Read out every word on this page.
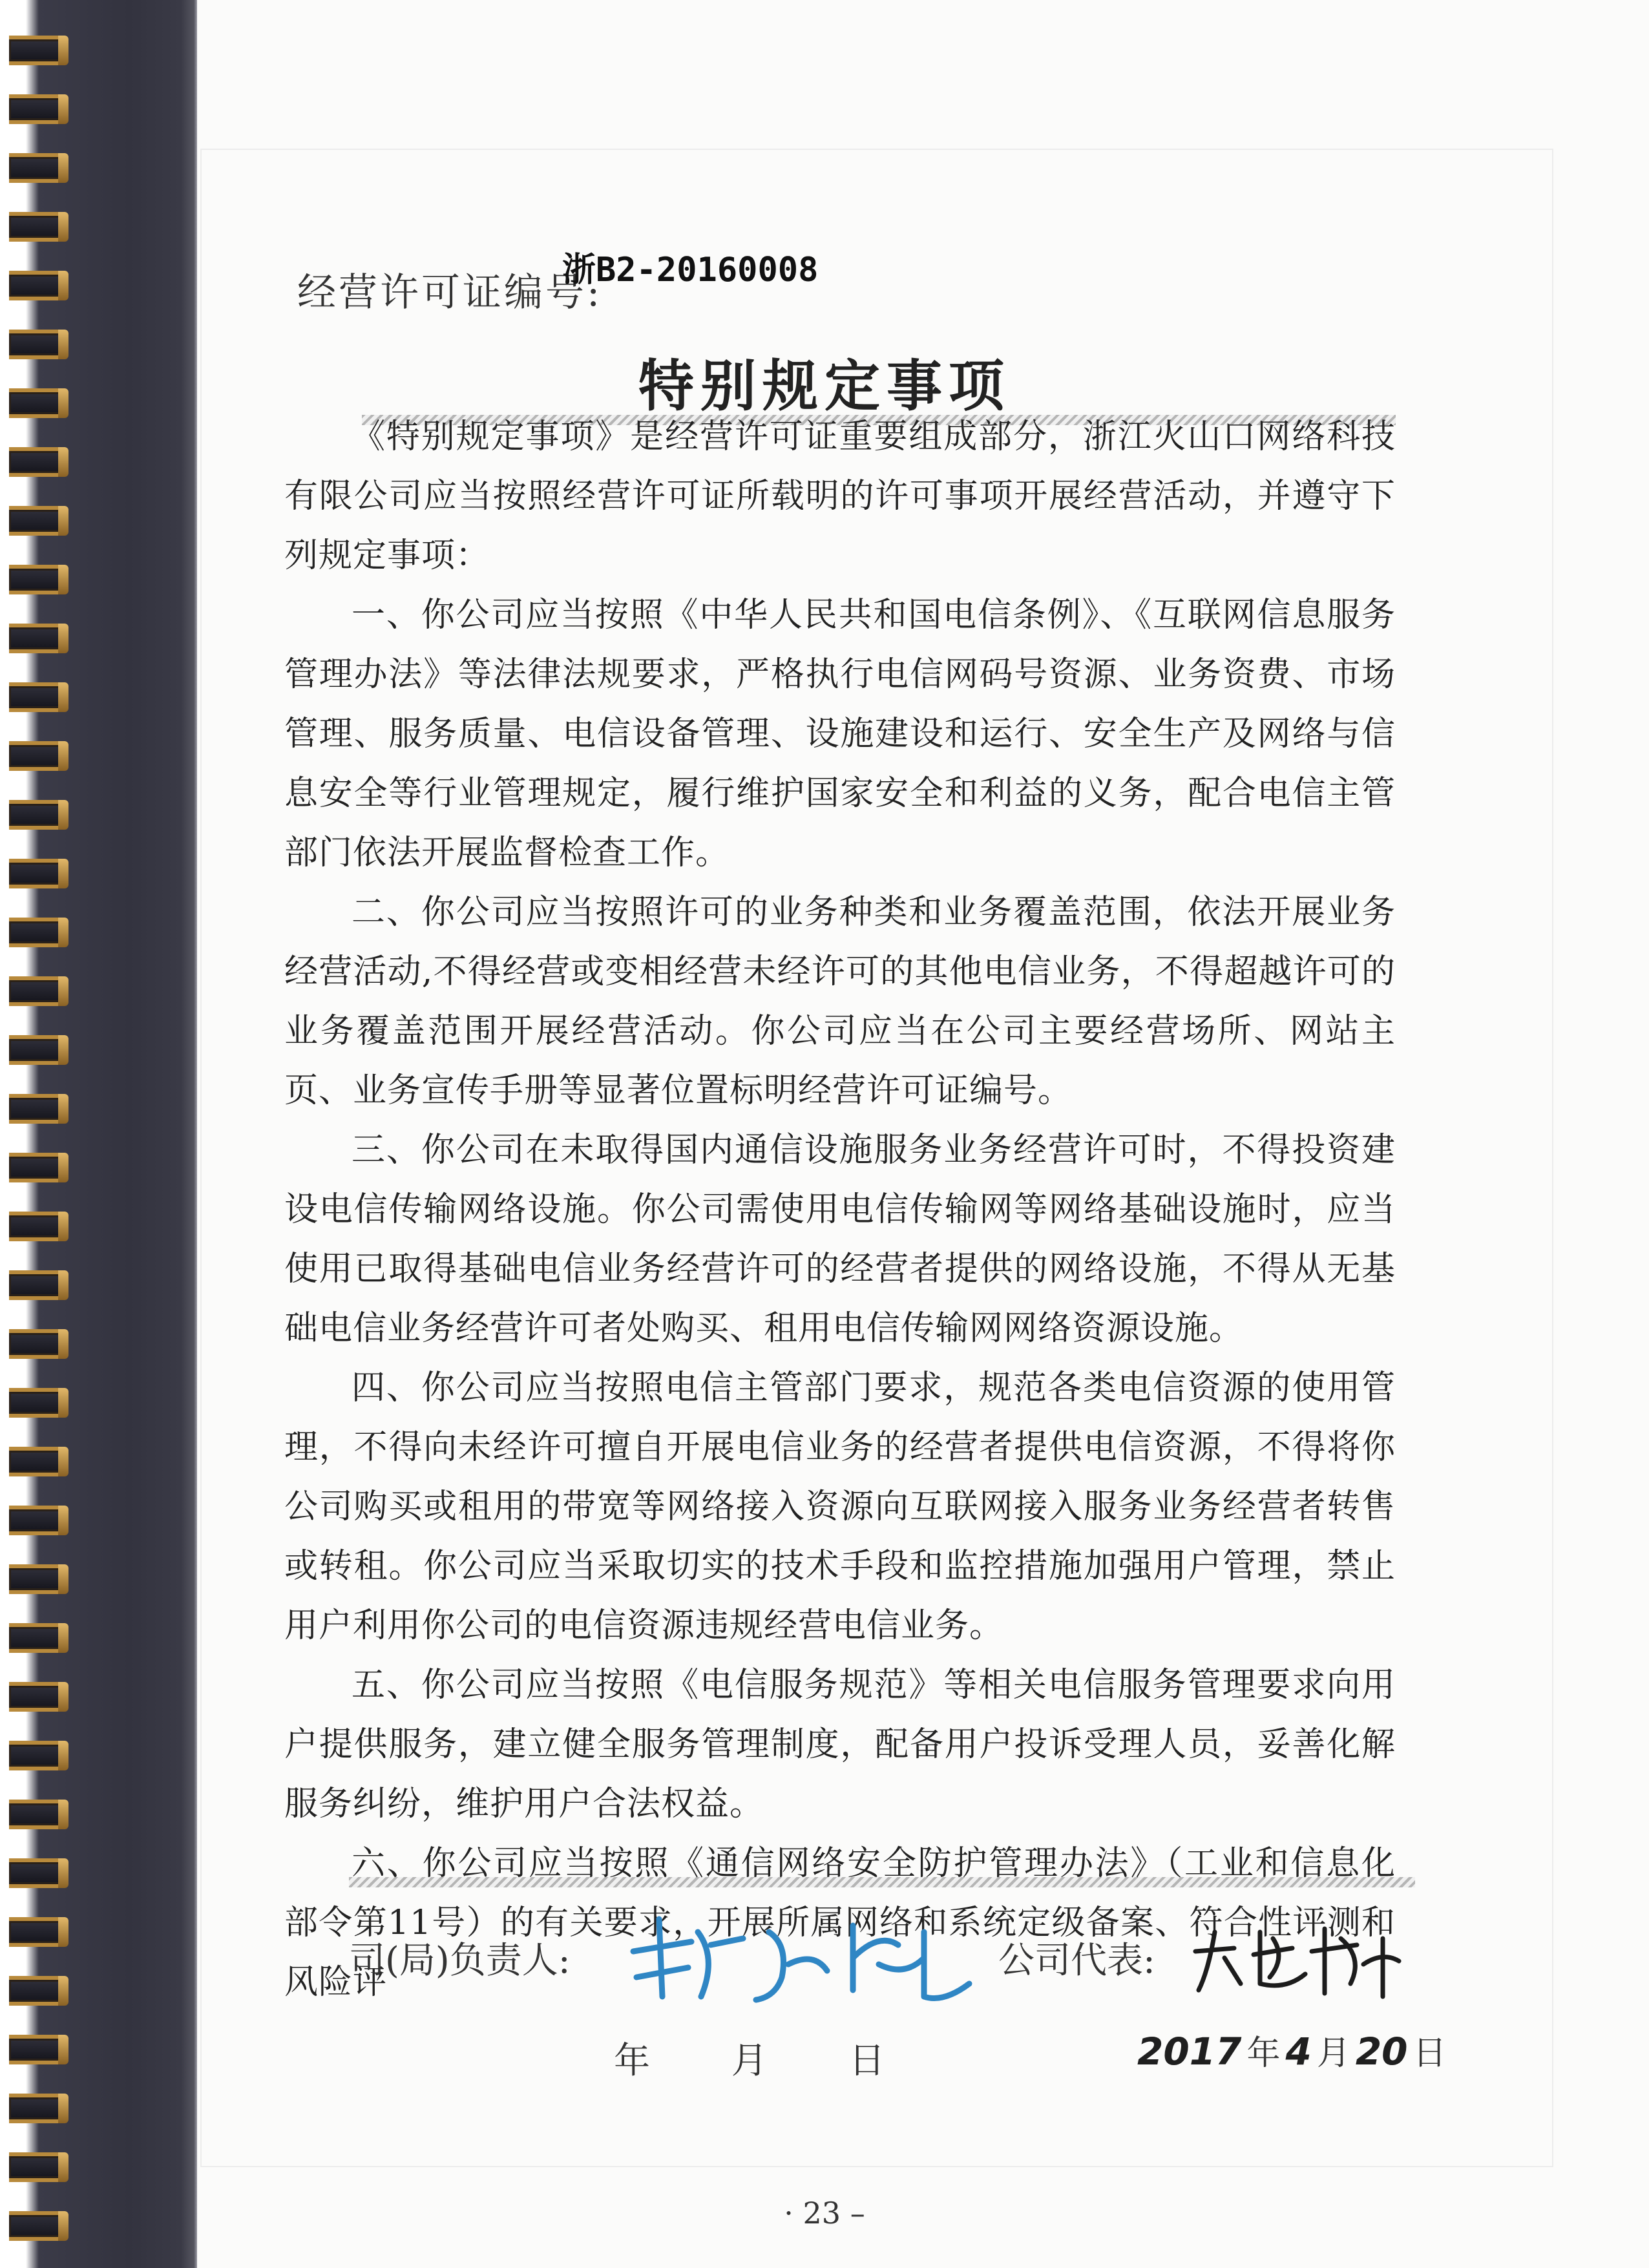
经营许可证编号:
浙B2-20160008
特别规定事项

《特别规定事项》是经营许可证重要组成部分，浙江火山口网络科技有限公司应当按照经营许可证所载明的许可事项开展经营活动，并遵守下列规定事项：

一、你公司应当按照《中华人民共和国电信条例》、《互联网信息服务管理办法》等法律法规要求，严格执行电信网码号资源、业务资费、市场管理、服务质量、电信设备管理、设施建设和运行、安全生产及网络与信息安全等行业管理规定，履行维护国家安全和利益的义务，配合电信主管部门依法开展监督检查工作。

二、你公司应当按照许可的业务种类和业务覆盖范围，依法开展业务经营活动,不得经营或变相经营未经许可的其他电信业务，不得超越许可的业务覆盖范围开展经营活动。你公司应当在公司主要经营场所、网站主页、业务宣传手册等显著位置标明经营许可证编号。

三、你公司在未取得国内通信设施服务业务经营许可时，不得投资建设电信传输网络设施。你公司需使用电信传输网等网络基础设施时，应当使用已取得基础电信业务经营许可的经营者提供的网络设施，不得从无基础电信业务经营许可者处购买、租用电信传输网网络资源设施。

四、你公司应当按照电信主管部门要求，规范各类电信资源的使用管理，不得向未经许可擅自开展电信业务的经营者提供电信资源，不得将你公司购买或租用的带宽等网络接入资源向互联网接入服务业务经营者转售或转租。你公司应当采取切实的技术手段和监控措施加强用户管理，禁止用户利用你公司的电信资源违规经营电信业务。

五、你公司应当按照《电信服务规范》等相关电信服务管理要求向用户提供服务，建立健全服务管理制度，配备用户投诉受理人员，妥善化解服务纠纷，维护用户合法权益。

六、你公司应当按照《通信网络安全防护管理办法》（工业和信息化部令第11号）的有关要求，开展所属网络和系统定级备案、符合性评测和风险评

司(局)负责人:	公司代表:
年 月 日	2017 年 4 月 20 日
· 23 –
